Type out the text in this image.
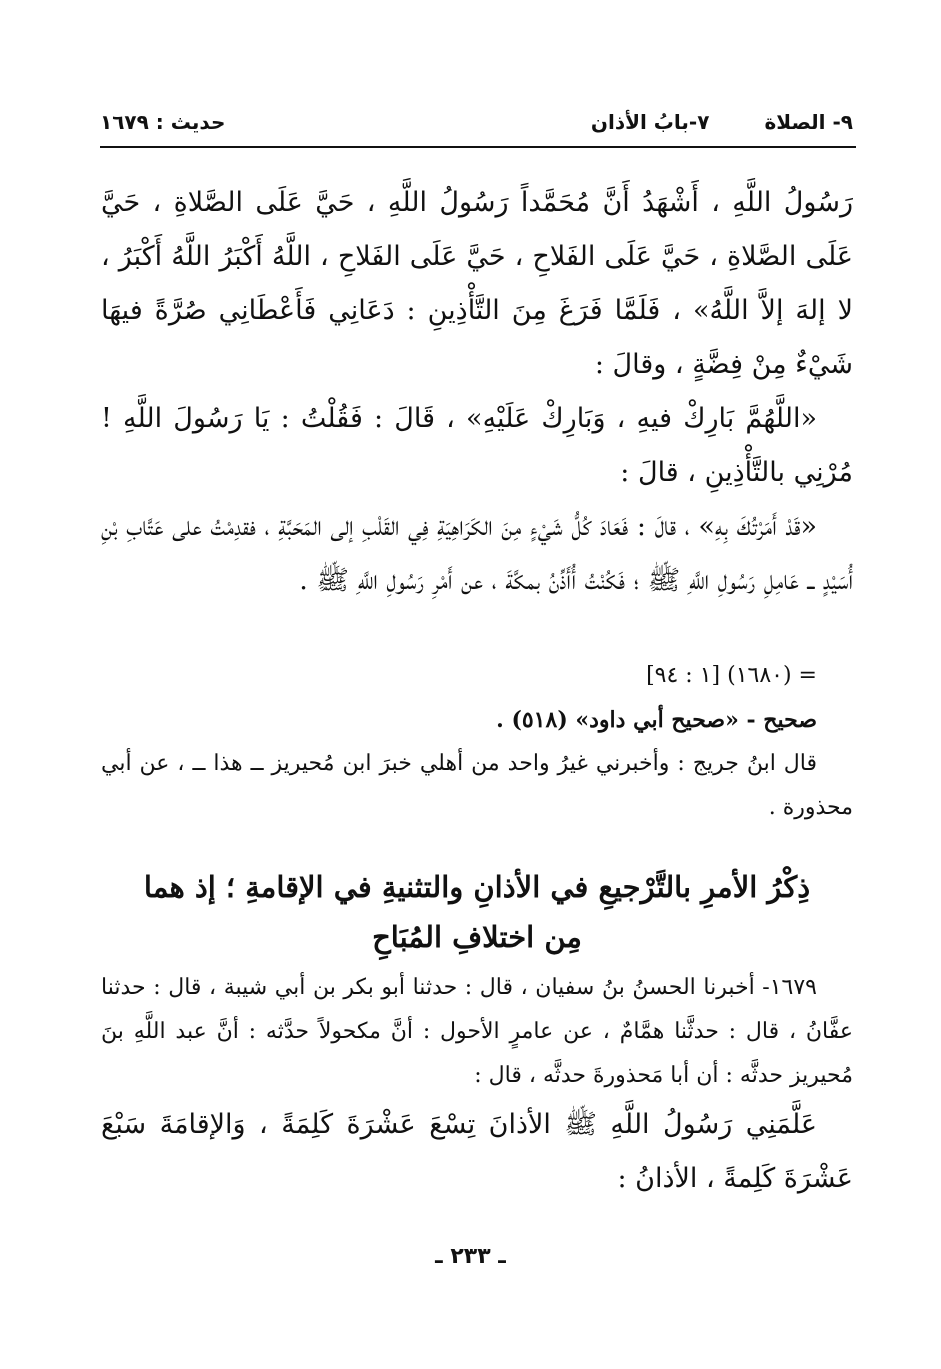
٩- الصلاة٧-بابُ الأذان
حديث : ١٦٧٩

رَسُولُ اللَّهِ ، أَشْهَدُ أَنَّ مُحَمَّداً رَسُولُ اللَّهِ ، حَيَّ عَلَى الصَّلاةِ ، حَيَّ عَلَى الصَّلاةِ ، حَيَّ عَلَى الفَلاحِ ، حَيَّ عَلَى الفَلاحِ ، اللَّهُ أَكْبَرُ اللَّهُ أَكْبَرُ ، لا إلهَ إلاَّ اللَّهُ» ، فَلَمَّا فَرَغَ مِنَ التَّأْذِينِ : دَعَانِي فَأَعْطَانِي صُرَّةً فيهَا شَيْءٌ مِنْ فِضَّةٍ ، وقالَ :

«اللَّهُمَّ بَارِكْ فيهِ ، وَبَارِكْ عَلَيْهِ» ، قَالَ : فَقُلْتُ : يَا رَسُولَ اللَّهِ ! مُرْنِي بالتَّأْذِينِ ، قالَ :

«قَدْ أَمَرْتُكَ بِهِ» ، قالَ : فَعَادَ كُلُّ شَيْءٍ مِنَ الكَرَاهِيَةِ فِي القَلْبِ إلى المَحَبَّةِ ، فقدِمْتُ على عَتَّابِ بْنِ أُسَيْدٍ ــ عَامِلِ رَسُولِ اللَّهِ ﷺ ؛ فَكُنْتُ أُأَذِّنُ بمكَّةَ ، عن أَمْرِ رَسُولِ اللَّهِ ﷺ .

= (١٦٨٠) [١ : ٩٤]

صحيح - «صحيح أبي داود» (٥١٨) .

قال ابنُ جريج : وأخبرني غيرُ واحد من أهلي خبرَ ابن مُحيريز ــ هذا ــ ، عن أبي محذورة .

ذِكْرُ الأمرِ بالتَّرْجيعِ في الأذانِ والتثنيةِ في الإقامةِ ؛ إذ هما
مِن اختلافِ المُبَاحِ

١٦٧٩- أخبرنا الحسنُ بنُ سفيان ، قال : حدثنا أبو بكر بن أبي شيبة ، قال : حدثنا عفَّانُ ، قال : حدثَّنا همَّامٌ ، عن عامرٍ الأحول : أنَّ مكحولاً حدَّثه : أنَّ عبد اللَّهِ بنَ مُحيريز حدثَّه : أن أبا مَحذورةَ حدثَّه ، قال :

عَلَّمَنِي رَسُولُ اللَّهِ ﷺ الأذانَ تِسْعَ عَشْرَةَ كَلِمَةً ، وَالإقامَةَ سَبْعَ عَشْرَةَ كَلِمةً ، الأذانُ :

ـ ٢٣٣ ـ
